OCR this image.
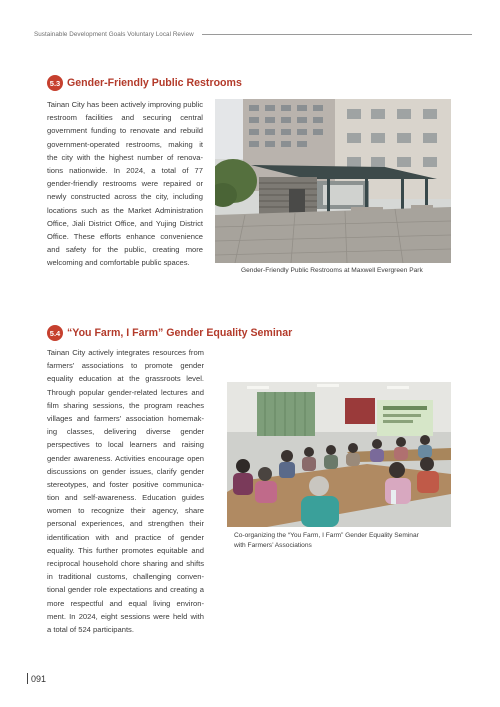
Sustainable Development Goals Voluntary Local Review
5.3 Gender-Friendly Public Restrooms
Tainan City has been actively improving public
restroom facilities and securing central
government funding to renovate and rebuild
government-operated restrooms, making it
the city with the highest number of renova-
tions nationwide. In 2024, a total of 77
gender-friendly restrooms were repaired or
newly constructed across the city, including
locations such as the Market Administration
Office, Jiali District Office, and Yujing District
Office. These efforts enhance convenience
and safety for the public, creating more
welcoming and comfortable public spaces.
Gender-Friendly Public Restrooms at Maxwell Evergreen Park
5.4 “You Farm, I Farm” Gender Equality Seminar
Tainan City actively integrates resources from
farmers’ associations to promote gender
equality education at the grassroots level.
Through popular gender-related lectures and
film sharing sessions, the program reaches
villages and farmers’ association homemak-
ing classes, delivering diverse gender
perspectives to local learners and raising
gender awareness. Activities encourage open
discussions on gender issues, clarify gender
stereotypes, and foster positive communica-
tion and self-awareness. Education guides
women to recognize their agency, share
personal experiences, and strengthen their
identification with and practice of gender
equality. This further promotes equitable and
reciprocal household chore sharing and shifts
in traditional customs, challenging conven-
tional gender role expectations and creating a
more respectful and equal living environ-
ment. In 2024, eight sessions were held with
a total of 524 participants.
Co-organizing the “You Farm, I Farm” Gender Equality Seminar
with Farmers’ Associations
091
